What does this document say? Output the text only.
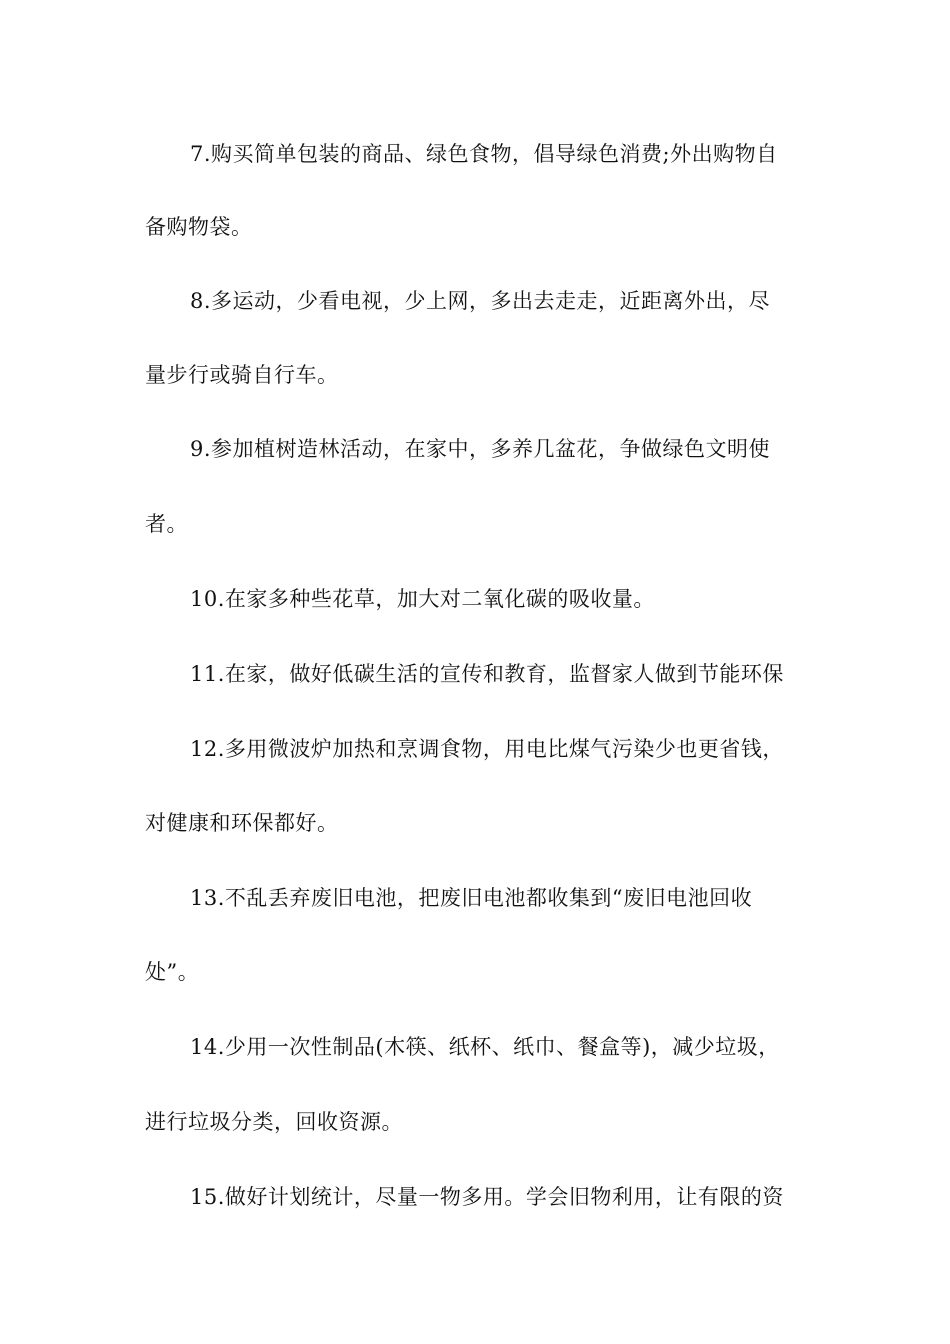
7.购买简单包装的商品、绿色食物，倡导绿色消费;外出购物自
备购物袋。
8.多运动，少看电视，少上网，多出去走走，近距离外出，尽
量步行或骑自行车。
9.参加植树造林活动，在家中，多养几盆花，争做绿色文明使
者。
10.在家多种些花草，加大对二氧化碳的吸收量。
11.在家，做好低碳生活的宣传和教育，监督家人做到节能环保
12.多用微波炉加热和烹调食物，用电比煤气污染少也更省钱，
对健康和环保都好。
13.不乱丢弃废旧电池，把废旧电池都收集到“废旧电池回收
处”。
14.少用一次性制品(木筷、纸杯、纸巾、餐盒等)，减少垃圾，
进行垃圾分类，回收资源。
15.做好计划统计，尽量一物多用。学会旧物利用，让有限的资
